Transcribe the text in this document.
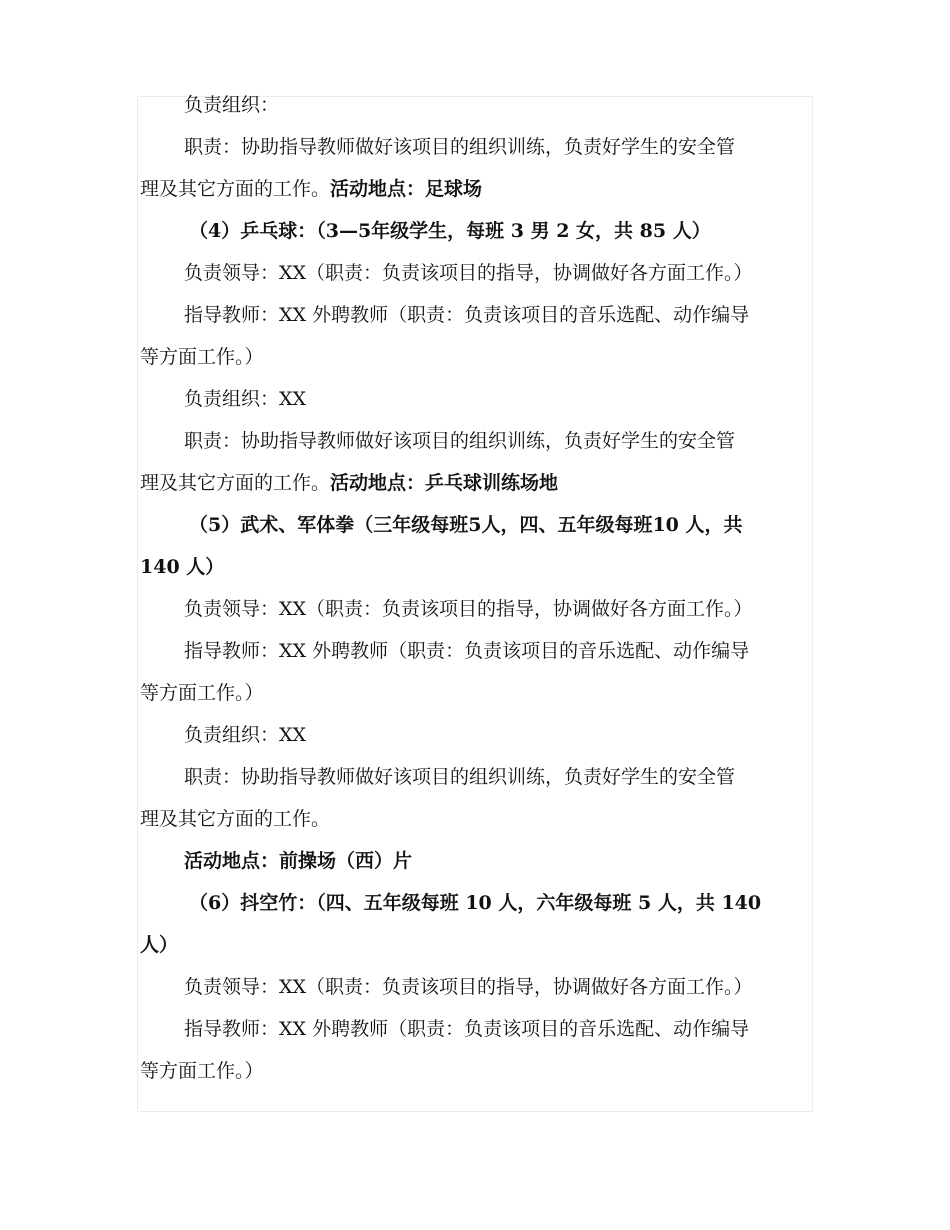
负责组织：
职责：协助指导教师做好该项目的组织训练，负责好学生的安全管
理及其它方面的工作。活动地点：足球场
（4）乒乓球：（3—5年级学生，每班 3 男 2 女，共 85 人）
负责领导：XX（职责：负责该项目的指导，协调做好各方面工作。）
指导教师：XX 外聘教师（职责：负责该项目的音乐选配、动作编导
等方面工作。）
负责组织：XX
职责：协助指导教师做好该项目的组织训练，负责好学生的安全管
理及其它方面的工作。活动地点：乒乓球训练场地
（5）武术、军体拳（三年级每班5人，四、五年级每班10 人，共
140 人）
负责领导：XX（职责：负责该项目的指导，协调做好各方面工作。）
指导教师：XX 外聘教师（职责：负责该项目的音乐选配、动作编导
等方面工作。）
负责组织：XX
职责：协助指导教师做好该项目的组织训练，负责好学生的安全管
理及其它方面的工作。
活动地点：前操场（西）片
（6）抖空竹：（四、五年级每班 10 人，六年级每班 5 人，共 140
人）
负责领导：XX（职责：负责该项目的指导，协调做好各方面工作。）
指导教师：XX 外聘教师（职责：负责该项目的音乐选配、动作编导
等方面工作。）
